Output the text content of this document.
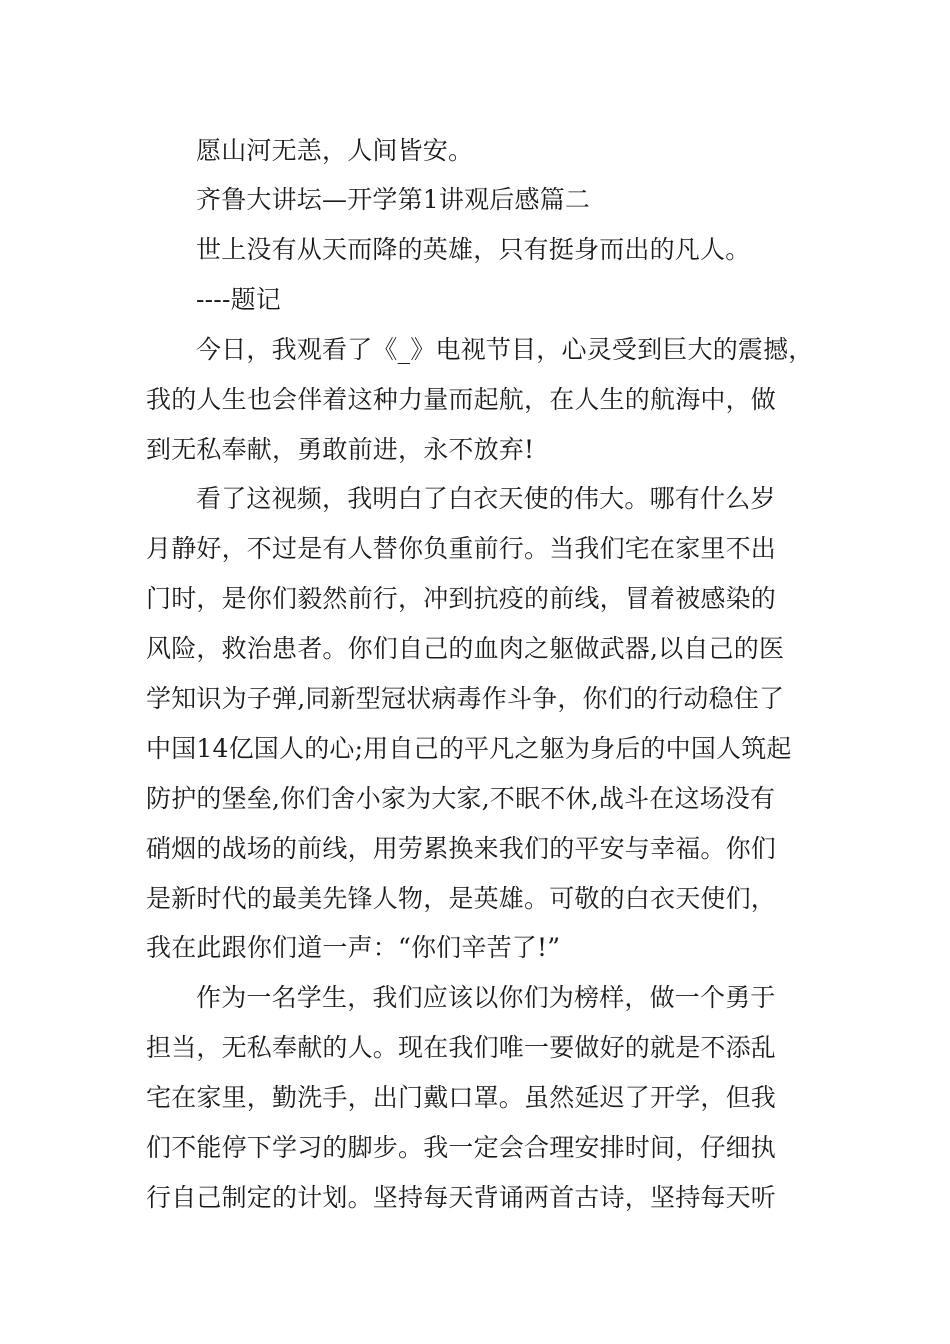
愿山河无恙，人间皆安。
齐鲁大讲坛—开学第1讲观后感篇二
世上没有从天而降的英雄，只有挺身而出的凡人。
----题记
今日，我观看了《_》电视节目，心灵受到巨大的震撼，
我的人生也会伴着这种力量而起航，在人生的航海中，做
到无私奉献，勇敢前进，永不放弃!
看了这视频，我明白了白衣天使的伟大。哪有什么岁
月静好，不过是有人替你负重前行。当我们宅在家里不出
门时，是你们毅然前行，冲到抗疫的前线，冒着被感染的
风险，救治患者。你们自己的血肉之躯做武器,以自己的医
学知识为子弹,同新型冠状病毒作斗争，你们的行动稳住了
中国14亿国人的心;用自己的平凡之躯为身后的中国人筑起
防护的堡垒,你们舍小家为大家,不眠不休,战斗在这场没有
硝烟的战场的前线，用劳累换来我们的平安与幸福。你们
是新时代的最美先锋人物，是英雄。可敬的白衣天使们，
我在此跟你们道一声：“你们辛苦了!”
作为一名学生，我们应该以你们为榜样，做一个勇于
担当，无私奉献的人。现在我们唯一要做好的就是不添乱
宅在家里，勤洗手，出门戴口罩。虽然延迟了开学，但我
们不能停下学习的脚步。我一定会合理安排时间，仔细执
行自己制定的计划。坚持每天背诵两首古诗，坚持每天听
